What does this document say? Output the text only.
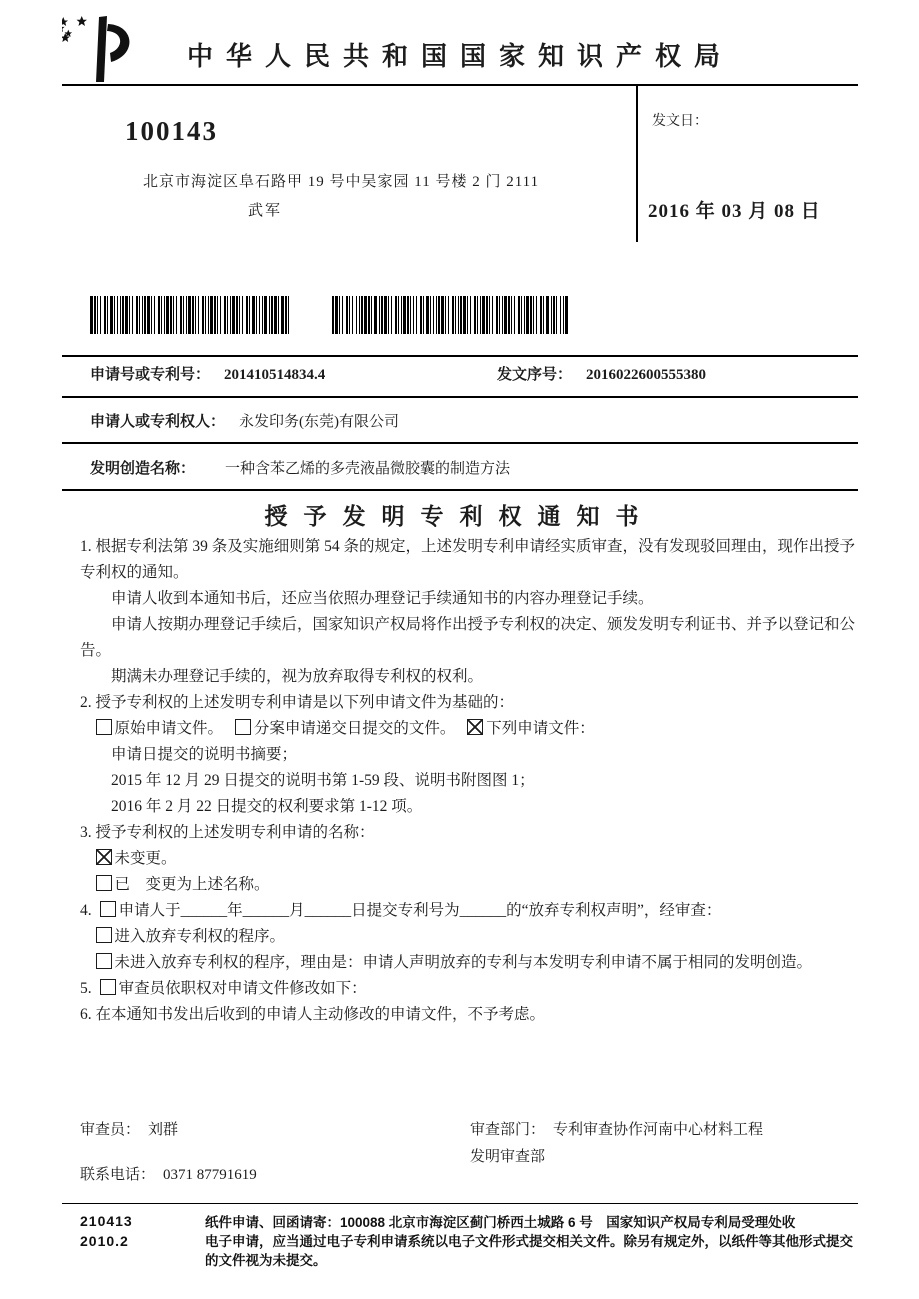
中华人民共和国国家知识产权局
100143
北京市海淀区阜石路甲 19 号中吴家园 11 号楼 2 门 2111
武军
发文日：
2016 年 03 月 08 日
申请号或专利号： 201410514834.4	发文序号： 2016022600555380
申请人或专利权人： 永发印务(东莞)有限公司
发明创造名称： 一种含苯乙烯的多壳液晶微胶囊的制造方法
授予发明专利权通知书

1. 根据专利法第 39 条及实施细则第 54 条的规定，上述发明专利申请经实质审查，没有发现驳回理由，现作出授予专利权的通知。

申请人收到本通知书后，还应当依照办理登记手续通知书的内容办理登记手续。

申请人按期办理登记手续后，国家知识产权局将作出授予专利权的决定、颁发发明专利证书、并予以登记和公告。

期满未办理登记手续的，视为放弃取得专利权的权利。

2. 授予专利权的上述发明专利申请是以下列申请文件为基础的：

原始申请文件。 分案申请递交日提交的文件。 下列申请文件：

申请日提交的说明书摘要；

2015 年 12 月 29 日提交的说明书第 1-59 段、说明书附图图 1；

2016 年 2 月 22 日提交的权利要求第 1-12 项。

3. 授予专利权的上述发明专利申请的名称：

未变更。

已　变更为上述名称。

4. 申请人于______年______月______日提交专利号为______的“放弃专利权声明”，经审查：

进入放弃专利权的程序。

未进入放弃专利权的程序，理由是：申请人声明放弃的专利与本发明专利申请不属于相同的发明创造。

5. 审查员依职权对申请文件修改如下：

6. 在本通知书发出后收到的申请人主动修改的申请文件，不予考虑。

审查员： 刘群	审查部门： 专利审查协作河南中心材料工程
发明审查部
联系电话： 0371 87791619
210413
2010.2

纸件申请、回函请寄：100088 北京市海淀区蓟门桥西土城路 6 号　国家知识产权局专利局受理处收

电子申请，应当通过电子专利申请系统以电子文件形式提交相关文件。除另有规定外，以纸件等其他形式提交的文件视为未提交。
